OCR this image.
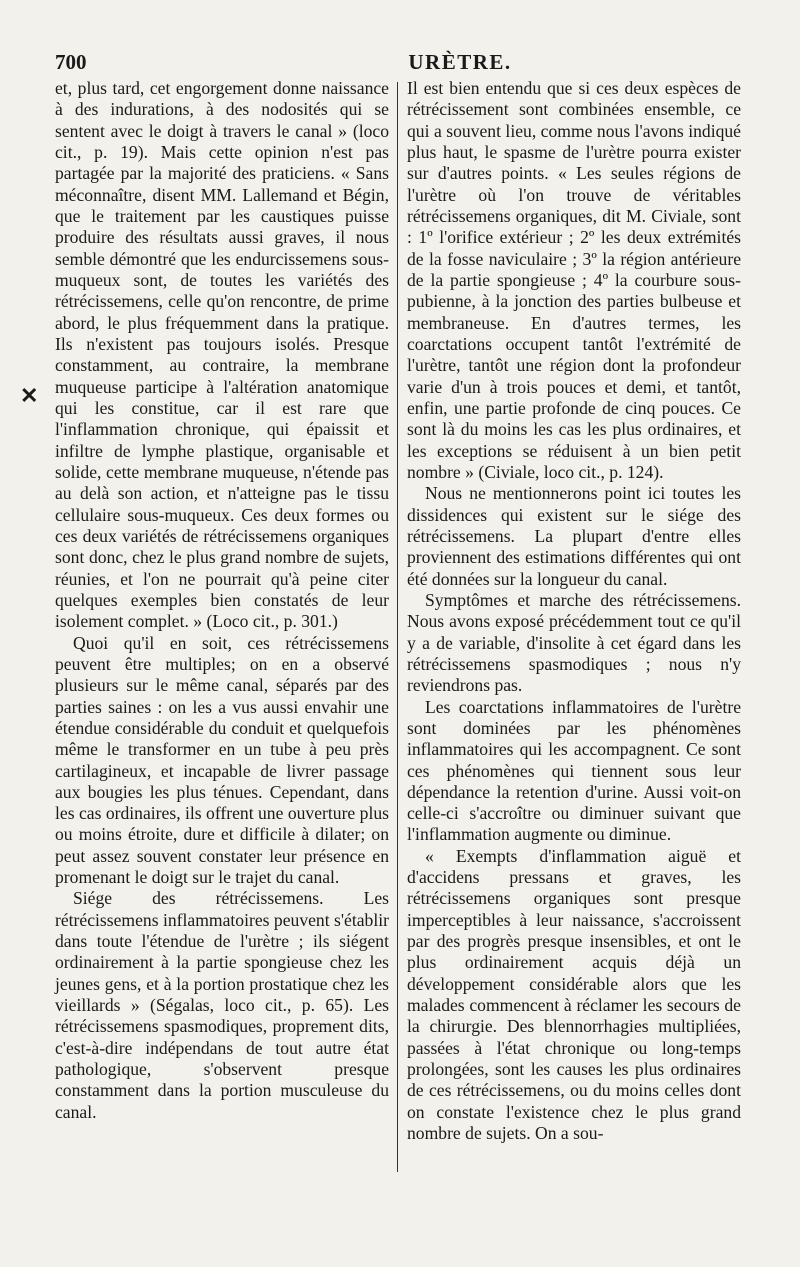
700	URÈTRE.
✕

et, plus tard, cet engorgement donne naissance à des indurations, à des nodosités qui se sentent avec le doigt à travers le canal » (loco cit., p. 19). Mais cette opinion n'est pas partagée par la majorité des praticiens. « Sans méconnaître, disent MM. Lallemand et Bégin, que le traitement par les caustiques puisse produire des résultats aussi graves, il nous semble démontré que les endurcissemens sous-muqueux sont, de toutes les variétés des rétrécissemens, celle qu'on rencontre, de prime abord, le plus fréquemment dans la pratique. Ils n'existent pas toujours isolés. Presque constamment, au contraire, la membrane muqueuse participe à l'altération anatomique qui les constitue, car il est rare que l'inflammation chronique, qui épaissit et infiltre de lymphe plastique, organisable et solide, cette membrane muqueuse, n'étende pas au delà son action, et n'atteigne pas le tissu cellulaire sous-muqueux. Ces deux formes ou ces deux variétés de rétrécissemens organiques sont donc, chez le plus grand nombre de sujets, réunies, et l'on ne pourrait qu'à peine citer quelques exemples bien constatés de leur isolement complet. » (Loco cit., p. 301.)

Quoi qu'il en soit, ces rétrécissemens peuvent être multiples; on en a observé plusieurs sur le même canal, séparés par des parties saines : on les a vus aussi envahir une étendue considérable du conduit et quelquefois même le transformer en un tube à peu près cartilagineux, et incapable de livrer passage aux bougies les plus ténues. Cependant, dans les cas ordinaires, ils offrent une ouverture plus ou moins étroite, dure et difficile à dilater; on peut assez souvent constater leur présence en promenant le doigt sur le trajet du canal.

Siége des rétrécissemens. Les rétrécissemens inflammatoires peuvent s'établir dans toute l'étendue de l'urètre ; ils siégent ordinairement à la partie spongieuse chez les jeunes gens, et à la portion prostatique chez les vieillards » (Ségalas, loco cit., p. 65). Les rétrécissemens spasmodiques, proprement dits, c'est-à-dire indépendans de tout autre état pathologique, s'observent presque constamment dans la portion musculeuse du canal.

Il est bien entendu que si ces deux espèces de rétrécissement sont combinées ensemble, ce qui a souvent lieu, comme nous l'avons indiqué plus haut, le spasme de l'urètre pourra exister sur d'autres points. « Les seules régions de l'urètre où l'on trouve de véritables rétrécissemens organiques, dit M. Civiale, sont : 1º l'orifice extérieur ; 2º les deux extrémités de la fosse naviculaire ; 3º la région antérieure de la partie spongieuse ; 4º la courbure sous-pubienne, à la jonction des parties bulbeuse et membraneuse. En d'autres termes, les coarctations occupent tantôt l'extrémité de l'urètre, tantôt une région dont la profondeur varie d'un à trois pouces et demi, et tantôt, enfin, une partie profonde de cinq pouces. Ce sont là du moins les cas les plus ordinaires, et les exceptions se réduisent à un bien petit nombre » (Civiale, loco cit., p. 124).

Nous ne mentionnerons point ici toutes les dissidences qui existent sur le siége des rétrécissemens. La plupart d'entre elles proviennent des estimations différentes qui ont été données sur la longueur du canal.

Symptômes et marche des rétrécissemens. Nous avons exposé précédemment tout ce qu'il y a de variable, d'insolite à cet égard dans les rétrécissemens spasmodiques ; nous n'y reviendrons pas.

Les coarctations inflammatoires de l'urètre sont dominées par les phénomènes inflammatoires qui les accompagnent. Ce sont ces phénomènes qui tiennent sous leur dépendance la retention d'urine. Aussi voit-on celle-ci s'accroître ou diminuer suivant que l'inflammation augmente ou diminue.

« Exempts d'inflammation aiguë et d'accidens pressans et graves, les rétrécissemens organiques sont presque imperceptibles à leur naissance, s'accroissent par des progrès presque insensibles, et ont le plus ordinairement acquis déjà un développement considérable alors que les malades commencent à réclamer les secours de la chirurgie. Des blennorrhagies multipliées, passées à l'état chronique ou long-temps prolongées, sont les causes les plus ordinaires de ces rétrécissemens, ou du moins celles dont on constate l'existence chez le plus grand nombre de sujets. On a sou-
